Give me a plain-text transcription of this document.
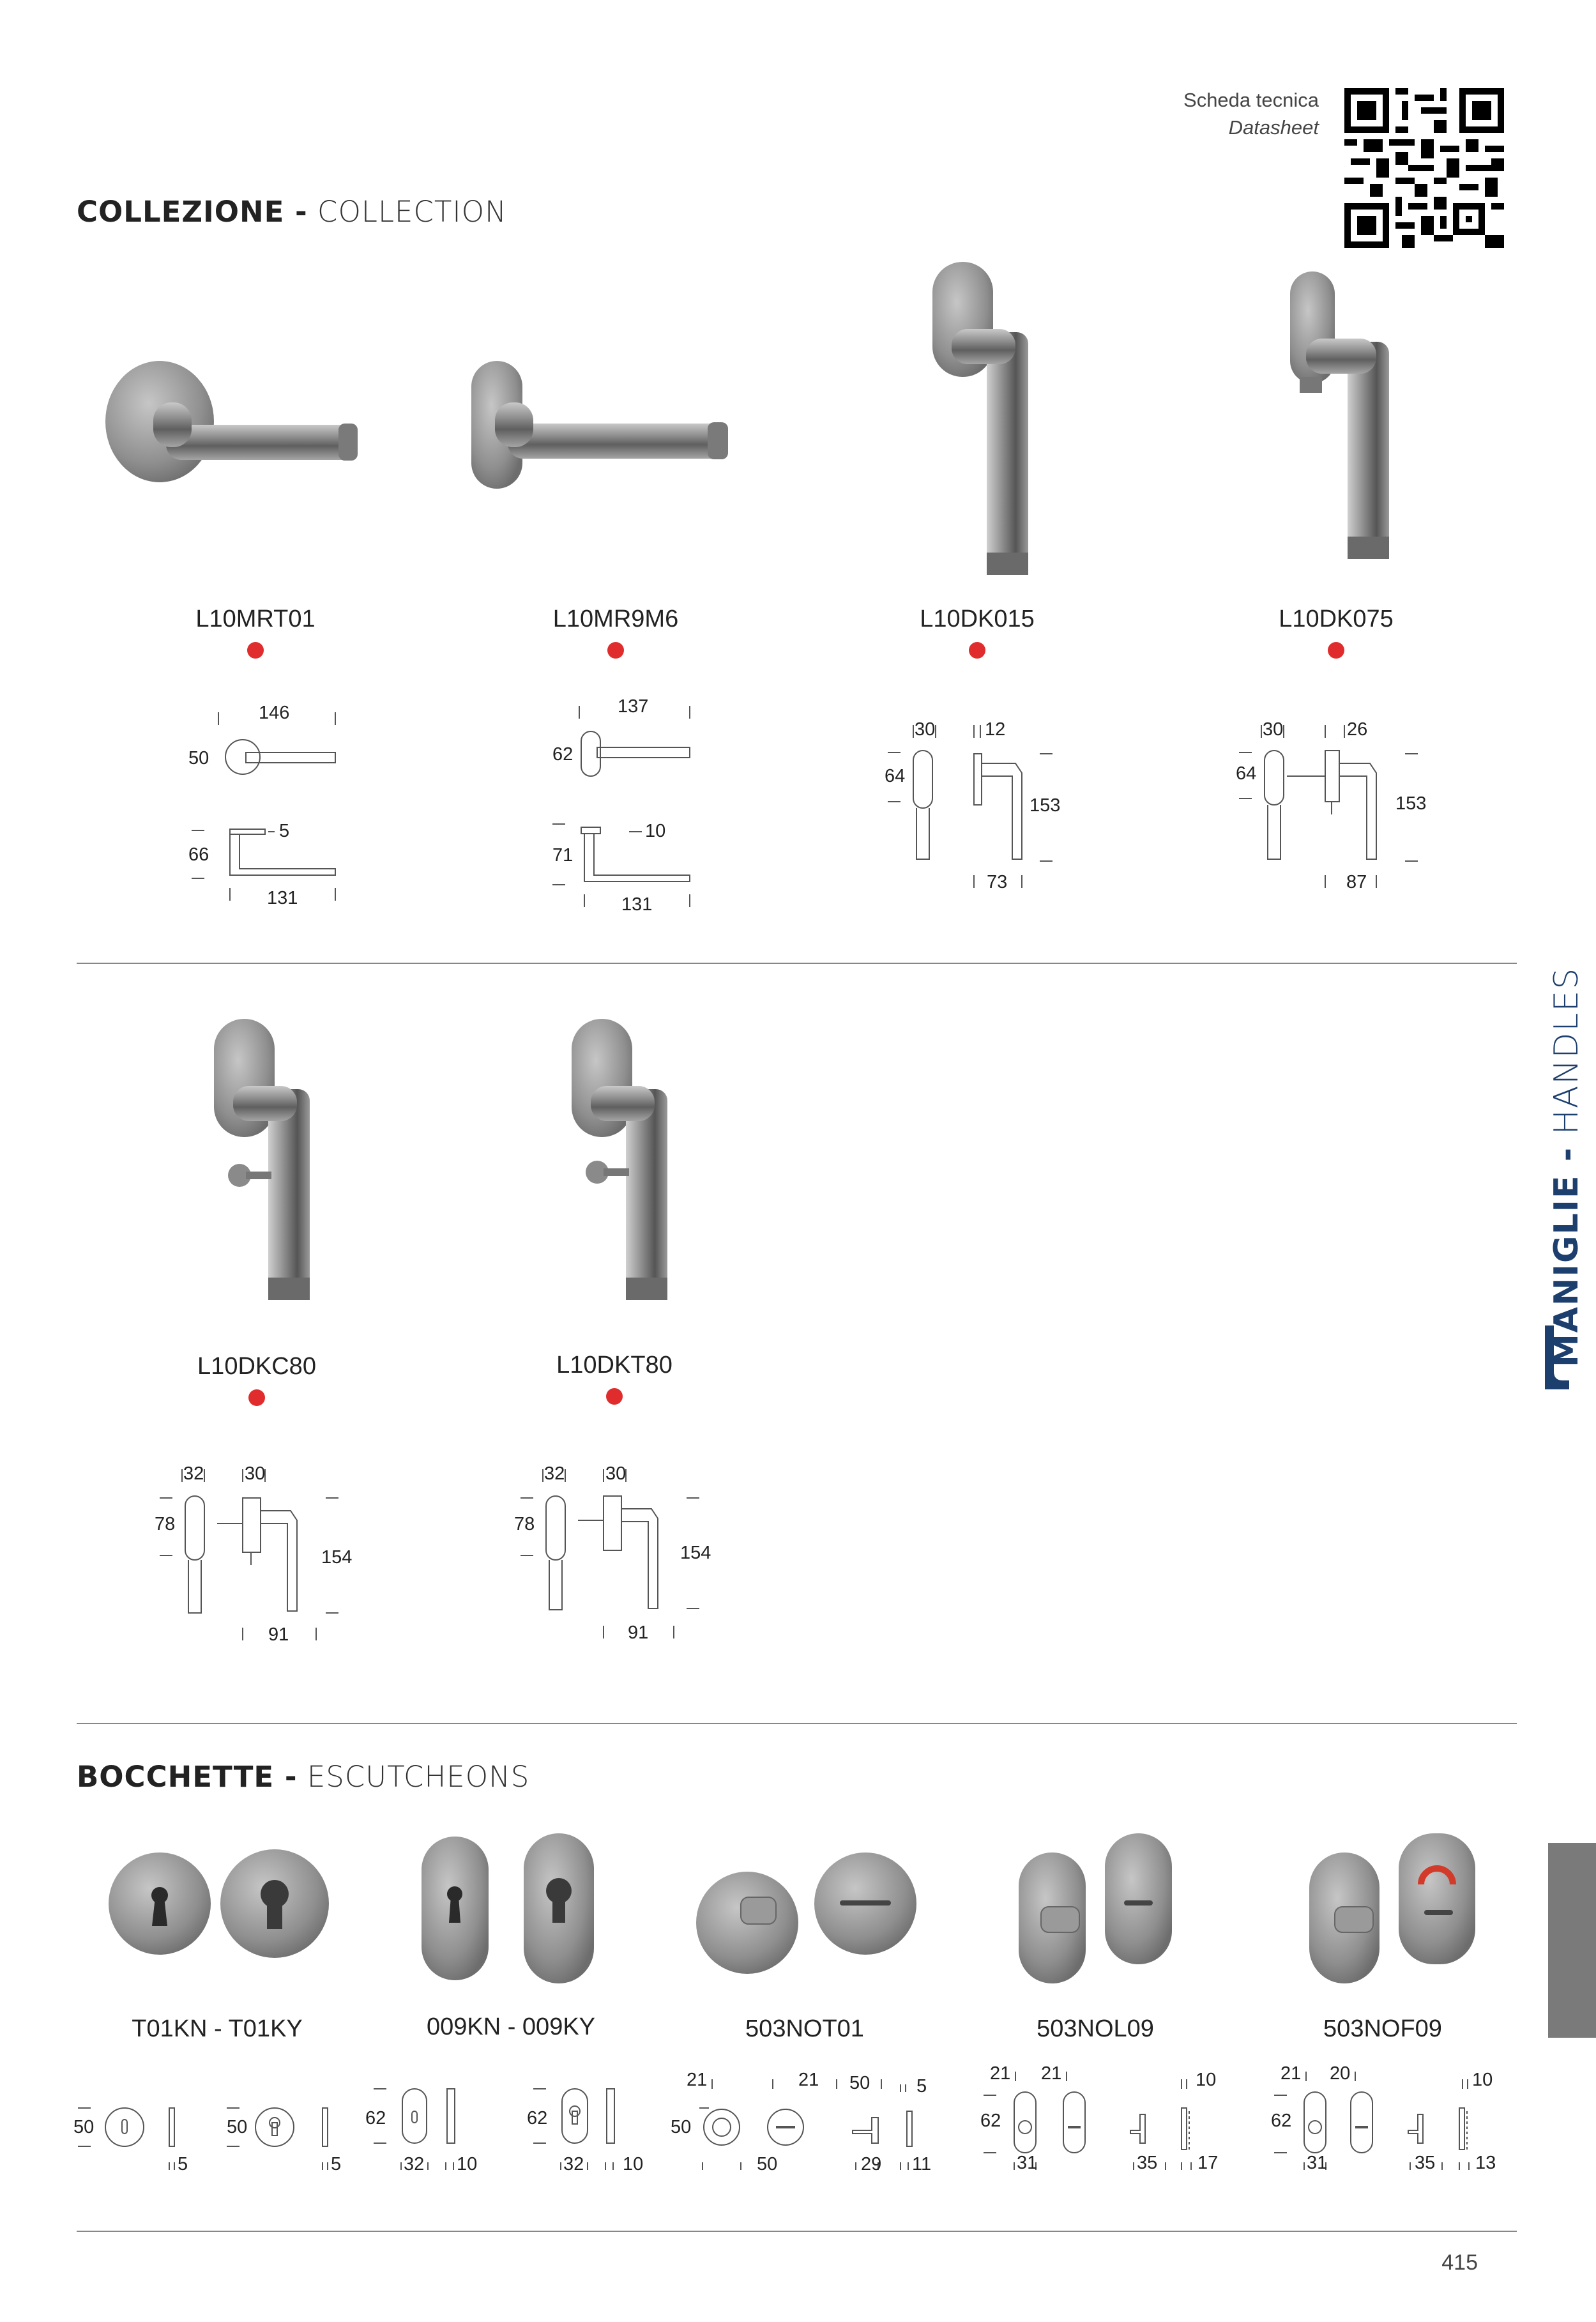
Scheda tecnica
Datasheet
COLLEZIONE - COLLECTION
L10MRT01	L10MR9M6	L10DK015	L10DK075
146
50
5
66
131
137
62
10
71
131
30	12
64
153
73
30	26
64
153
87
L10DKC80	L10DKT80
32 30
78
154
91
32 30
78
154
91
BOCCHETTE - ESCUTCHEONS
T01KN - T01KY	009KN - 009KY	503NOT01	503NOL09	503NOF09
50
5
50
5
62
32 10
62
32 10
21
50
21
50
50	5
29 11
21 21
62
31
10
35 17
21 20
62
31
10
35 13
MANIGLIE - HANDLES
415
